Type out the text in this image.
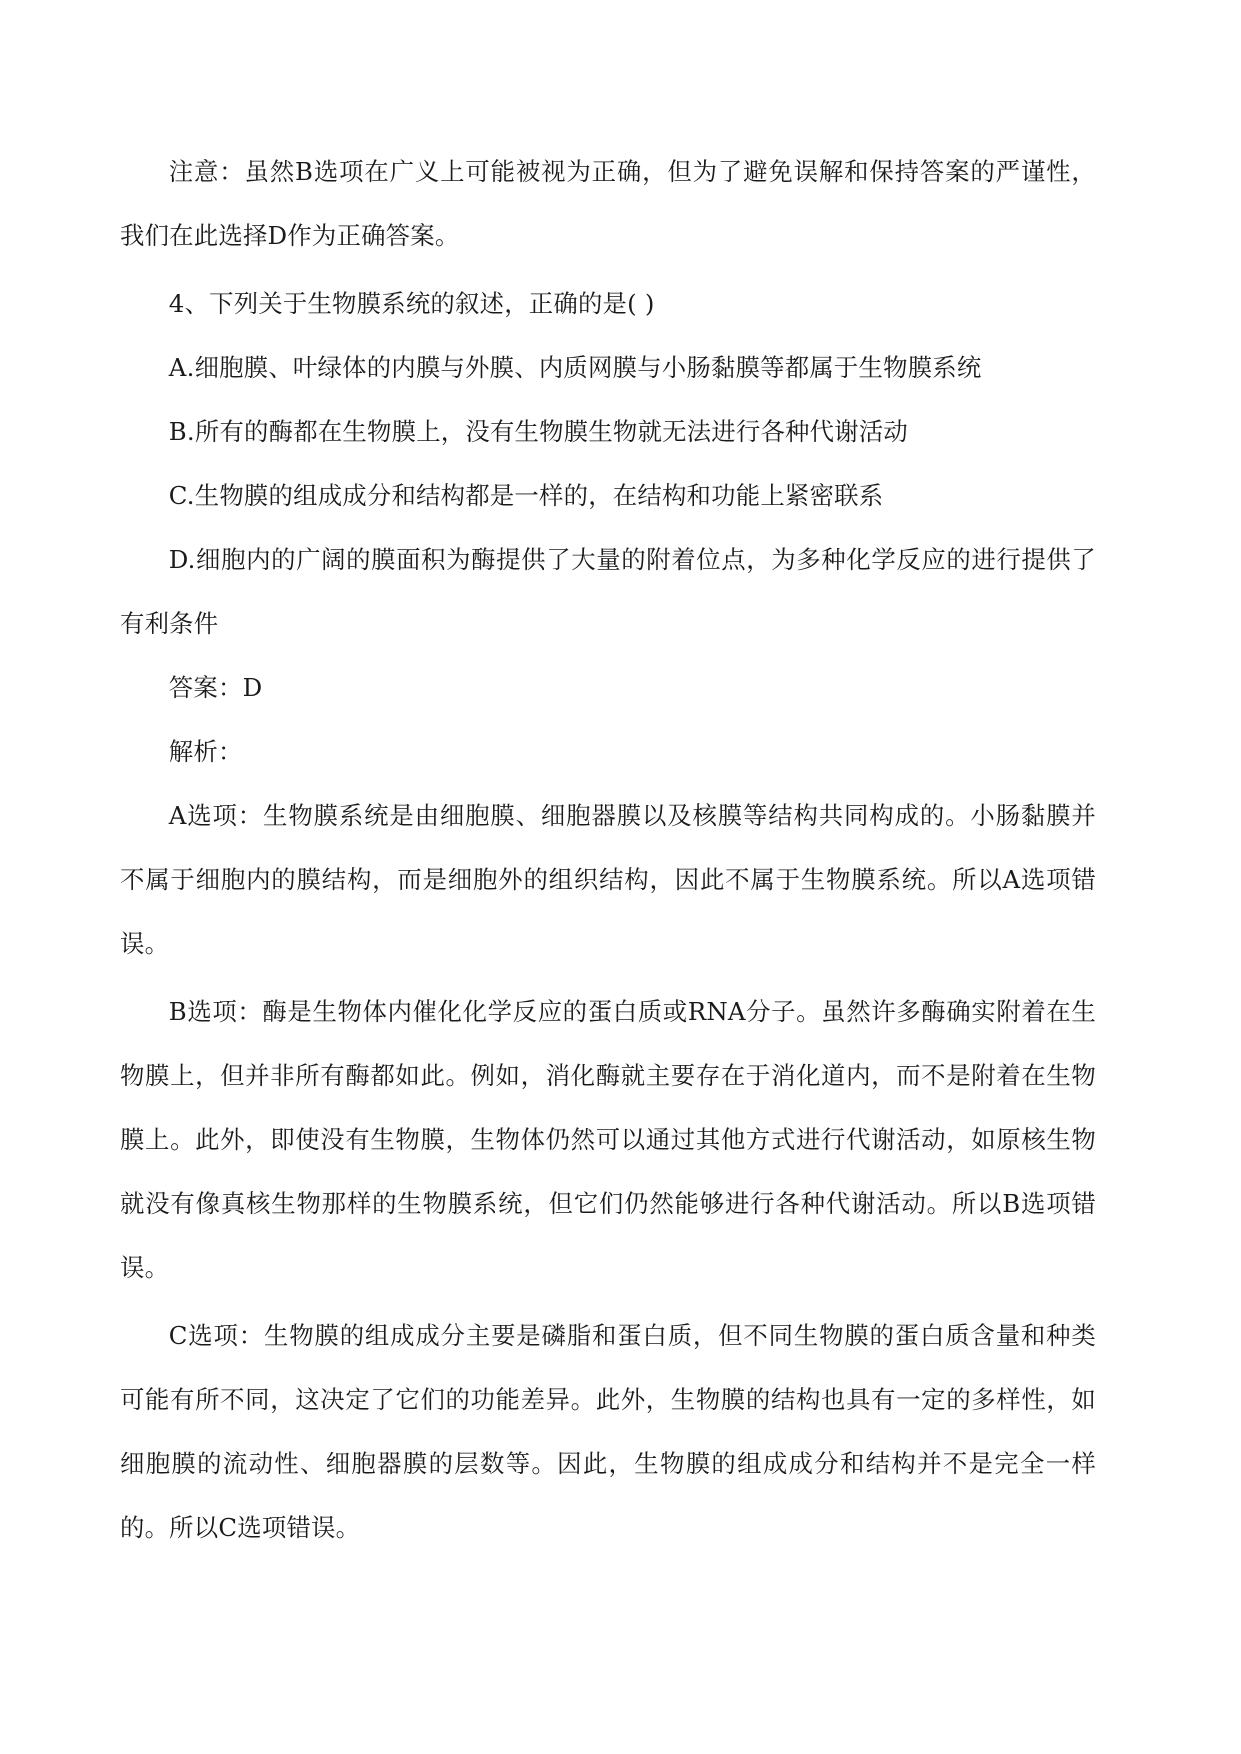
注意：虽然B选项在广义上可能被视为正确，但为了避免误解和保持答案的严谨性，我们在此选择D作为正确答案。

4、下列关于生物膜系统的叙述，正确的是( )

A.细胞膜、叶绿体的内膜与外膜、内质网膜与小肠黏膜等都属于生物膜系统

B.所有的酶都在生物膜上，没有生物膜生物就无法进行各种代谢活动

C.生物膜的组成成分和结构都是一样的，在结构和功能上紧密联系

D.细胞内的广阔的膜面积为酶提供了大量的附着位点，为多种化学反应的进行提供了有利条件

答案：D

解析：

A选项：生物膜系统是由细胞膜、细胞器膜以及核膜等结构共同构成的。小肠黏膜并不属于细胞内的膜结构，而是细胞外的组织结构，因此不属于生物膜系统。所以A选项错误。

B选项：酶是生物体内催化化学反应的蛋白质或RNA分子。虽然许多酶确实附着在生物膜上，但并非所有酶都如此。例如，消化酶就主要存在于消化道内，而不是附着在生物膜上。此外，即使没有生物膜，生物体仍然可以通过其他方式进行代谢活动，如原核生物就没有像真核生物那样的生物膜系统，但它们仍然能够进行各种代谢活动。所以B选项错误。

C选项：生物膜的组成成分主要是磷脂和蛋白质，但不同生物膜的蛋白质含量和种类可能有所不同，这决定了它们的功能差异。此外，生物膜的结构也具有一定的多样性，如细胞膜的流动性、细胞器膜的层数等。因此，生物膜的组成成分和结构并不是完全一样的。所以C选项错误。
